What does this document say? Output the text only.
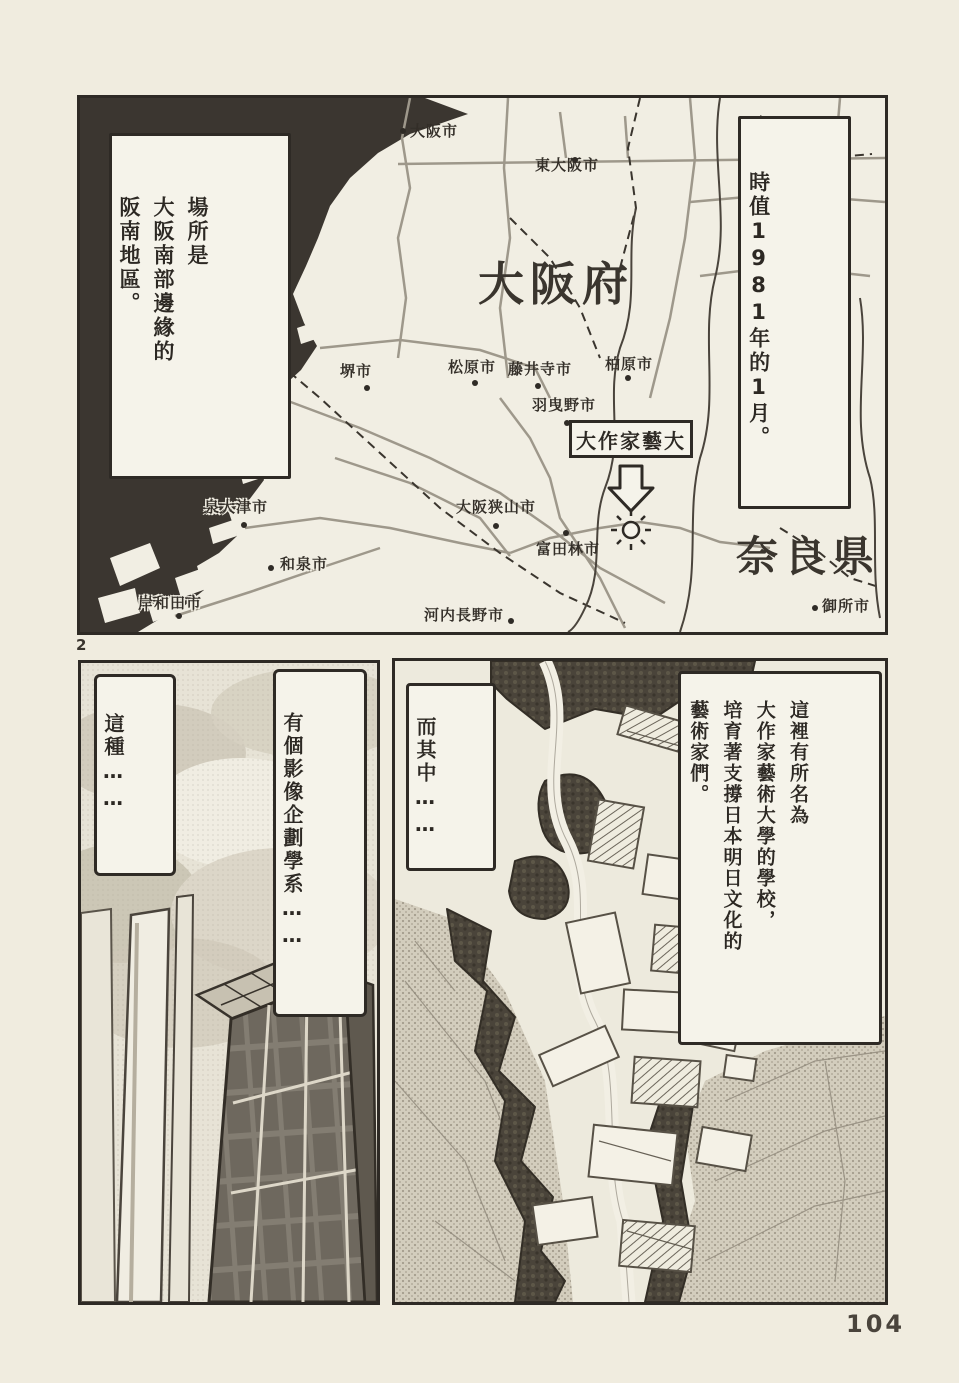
大阪府
奈良県
大阪市
東大阪市
堺市	松原市 藤井寺市 柏原市
羽曳野市
泉大津市
和泉市
岸和田市
大阪狭山市
富田林市
河内長野市	御所市
大作家藝大
場所是
大阪南部邊緣的
阪南地區。	時值1981年的1月。
2
這種……	有個影像企劃學系……	而其中……	這裡有所名為
大作家藝術大學的學校，
培育著支撐日本明日文化的
藝術家們。
104
